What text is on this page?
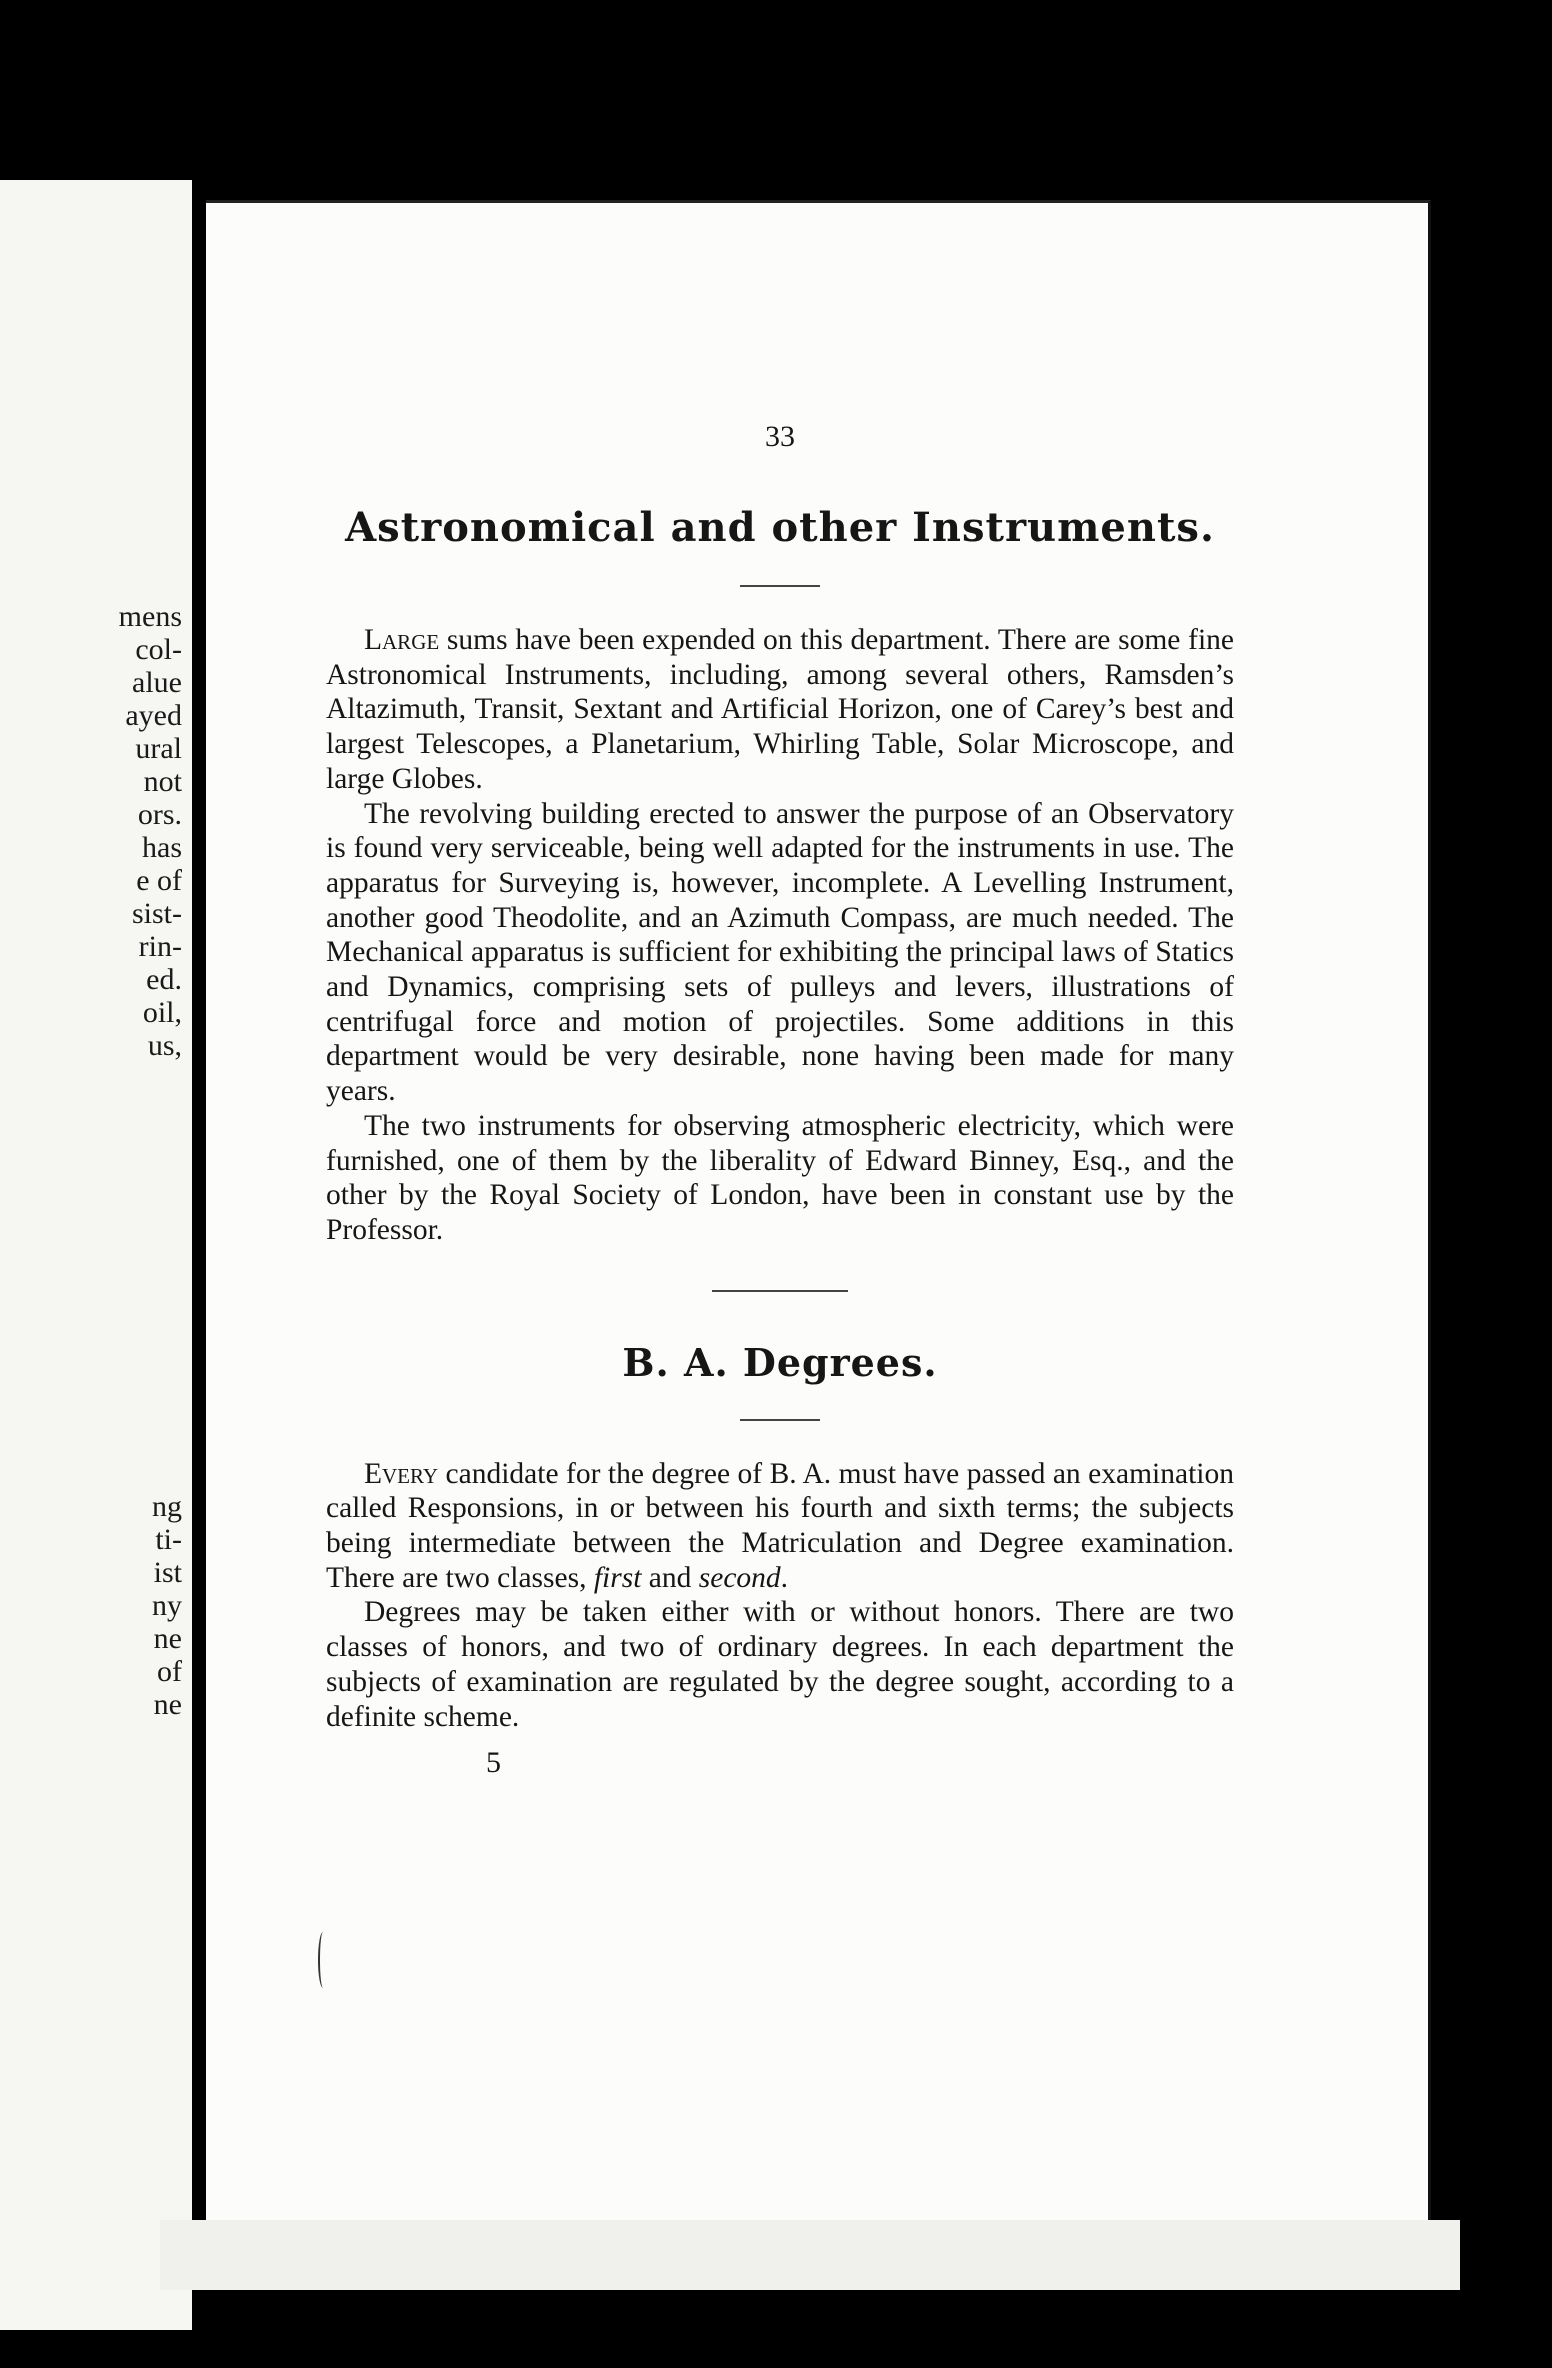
mens
col-
alue
ayed
ural
not
ors.
has
e of
sist-
rin-
ed.
oil,
us,
ng
ti-
ist
ny
ne
of
ne

33

Astronomical and other Instruments.

Large sums have been expended on this department. There are some fine Astronomical Instruments, including, among several others, Ramsden’s Altazimuth, Transit, Sextant and Artificial Horizon, one of Carey’s best and largest Telescopes, a Planetarium, Whirling Table, Solar Microscope, and large Globes.

The revolving building erected to answer the purpose of an Observatory is found very serviceable, being well adapted for the instruments in use. The apparatus for Surveying is, however, incomplete. A Levelling Instrument, another good Theodolite, and an Azimuth Compass, are much needed. The Mechanical apparatus is sufficient for exhibiting the principal laws of Statics and Dynamics, comprising sets of pulleys and levers, illustrations of centrifugal force and motion of projectiles. Some additions in this department would be very desirable, none having been made for many years.

The two instruments for observing atmospheric electricity, which were furnished, one of them by the liberality of Edward Binney, Esq., and the other by the Royal Society of London, have been in constant use by the Professor.

B. A. Degrees.

Every candidate for the degree of B. A. must have passed an examination called Responsions, in or between his fourth and sixth terms; the subjects being intermediate between the Matriculation and Degree examination. There are two classes, first and second.

Degrees may be taken either with or without honors. There are two classes of honors, and two of ordinary degrees. In each department the subjects of examination are regulated by the degree sought, according to a definite scheme.

5
